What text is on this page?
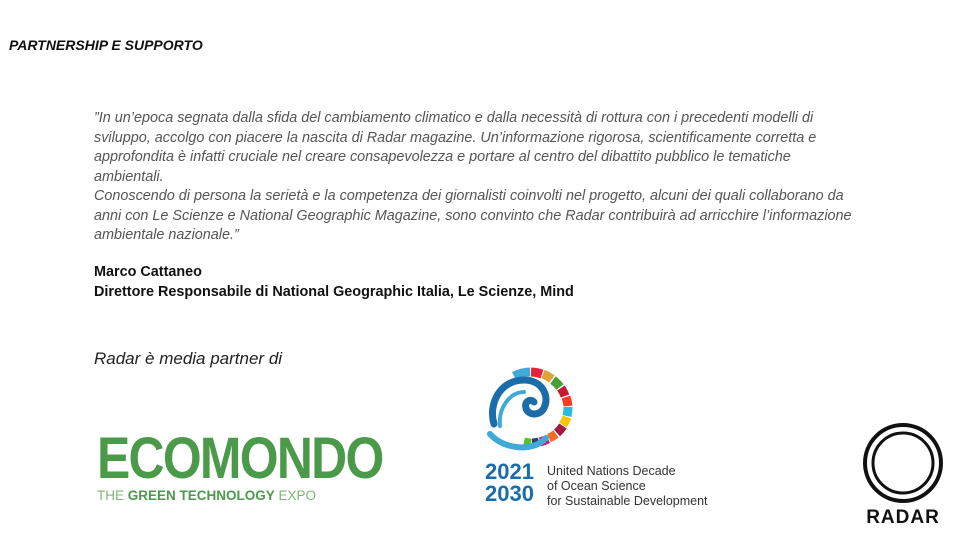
PARTNERSHIP E SUPPORTO

”In un’epoca segnata dalla sfida del cambiamento climatico e dalla necessità di rottura con i precedenti modelli di sviluppo, accolgo con piacere la nascita di Radar magazine. Un’informazione rigorosa, scientificamente corretta e approfondita è infatti cruciale nel creare consapevolezza e portare al centro del dibattito pubblico le tematiche ambientali.

Conoscendo di persona la serietà e la competenza dei giornalisti coinvolti nel progetto, alcuni dei quali collaborano da anni con Le Scienze e National Geographic Magazine, sono convinto che Radar contribuirà ad arricchire l’informazione ambientale nazionale.”

Marco Cattaneo
Direttore Responsabile di National Geographic Italia, Le Scienze, Mind
Radar è media partner di
ECOMONDO
THE GREEN TECHNOLOGY EXPO
2021
2030
United Nations Decade
of Ocean Science
for Sustainable Development
RADAR
